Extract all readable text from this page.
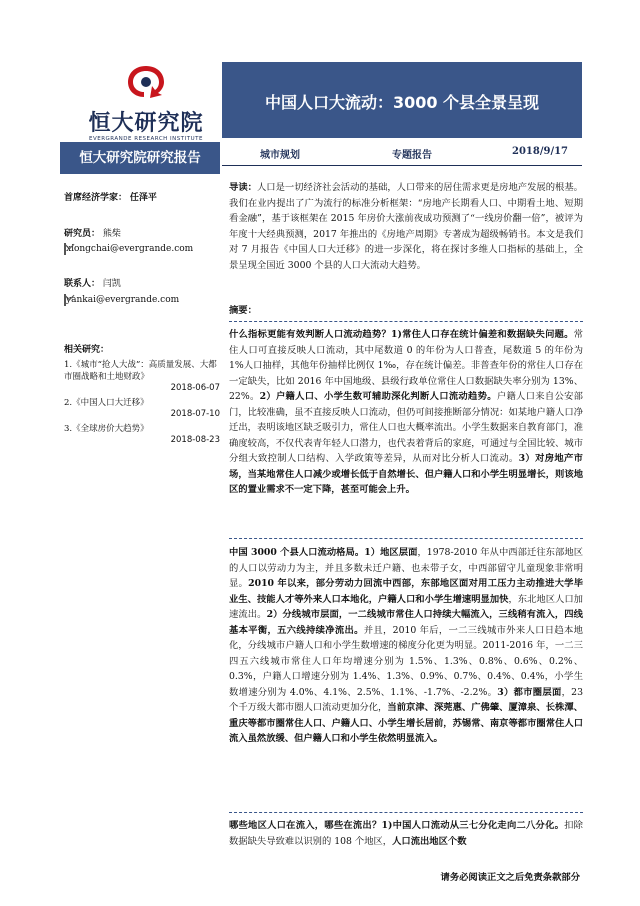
恒大研究院
EVERGRANDE RESEARCH INSTITUTE
中国人口大流动：3000 个县全景呈现
恒大研究院研究报告	城市规划	专题报告	2018/9/17
首席经济学家： 任泽平
研究员： 熊柴
xiongchai@evergrande.com
联系人： 闫凯
yankai@evergrande.com
相关研究：
1.《城市“抢人大战”：高质量发展、大都市圈战略和土地财政》
2018-06-07
2.《中国人口大迁移》
2018-07-10
3.《全球房价大趋势》
2018-08-23
导读：人口是一切经济社会活动的基础，人口带来的居住需求更是房地产发展的根基。我们在业内提出了广为流行的标准分析框架：“房地产长期看人口、中期看土地、短期看金融”，基于该框架在 2015 年房价大涨前夜成功预测了“一线房价翻一倍”，被评为年度十大经典预测，2017 年推出的《房地产周期》专著成为超级畅销书。本文是我们对 7 月报告《中国人口大迁移》的进一步深化，将在探讨多维人口指标的基础上，全景呈现全国近 3000 个县的人口大流动大趋势。
摘要：
什么指标更能有效判断人口流动趋势？1)常住人口存在统计偏差和数据缺失问题。常住人口可直接反映人口流动，其中尾数道 0 的年份为人口普查，尾数道 5 的年份为 1%人口抽样，其他年份抽样比例仅 1‰，存在统计偏差。非普查年份的常住人口存在一定缺失，比如 2016 年中国地级、县级行政单位常住人口数据缺失率分别为 13%、22%。2）户籍人口、小学生数可辅助深化判断人口流动趋势。户籍人口来自公安部门，比较准确，虽不直接反映人口流动，但仍可间接推断部分情况：如某地户籍人口净迁出，表明该地区缺乏吸引力，常住人口也大概率流出。小学生数据来自教育部门，准确度较高，不仅代表青年轻人口潜力，也代表着背后的家庭，可通过与全国比较、城市分组大致控制人口结构、入学政策等差异，从而对比分析人口流动。3）对房地产市场，当某地常住人口减少或增长低于自然增长、但户籍人口和小学生明显增长，则该地区的置业需求不一定下降，甚至可能会上升。
中国 3000 个县人口流动格局。1）地区层面，1978-2010 年从中西部迁往东部地区的人口以劳动力为主，并且多数未迁户籍、也未带子女，中西部留守儿童现象非常明显。2010 年以来，部分劳动力回流中西部，东部地区面对用工压力主动推进大学毕业生、技能人才等外来人口本地化，户籍人口和小学生增速明显加快，东北地区人口加速流出。2）分线城市层面，一二线城市常住人口持续大幅流入，三线稍有流入，四线基本平衡，五六线持续净流出。并且，2010 年后，一二三线城市外来人口日趋本地化，分线城市户籍人口和小学生数增速的梯度分化更为明显。2011-2016 年，一二三四五六线城市常住人口年均增速分别为 1.5%、1.3%、0.8%、0.6%、0.2%、0.3%，户籍人口增速分别为 1.4%、1.3%、0.9%、0.7%、0.4%、0.4%，小学生数增速分别为 4.0%、4.1%、2.5%、1.1%、-1.7%、-2.2%。3）都市圈层面，23 个千万级大都市圈人口流动更加分化，当前京津、深莞惠、广佛肇、厦漳泉、长株潭、重庆等都市圈常住人口、户籍人口、小学生增长居前，苏锡常、南京等都市圈常住人口流入虽然放缓、但户籍人口和小学生依然明显流入。
哪些地区人口在流入，哪些在流出？1)中国人口流动从三七分化走向二八分化。扣除数据缺失导致难以识别的 108 个地区，人口流出地区个数
请务必阅读正文之后免责条款部分
